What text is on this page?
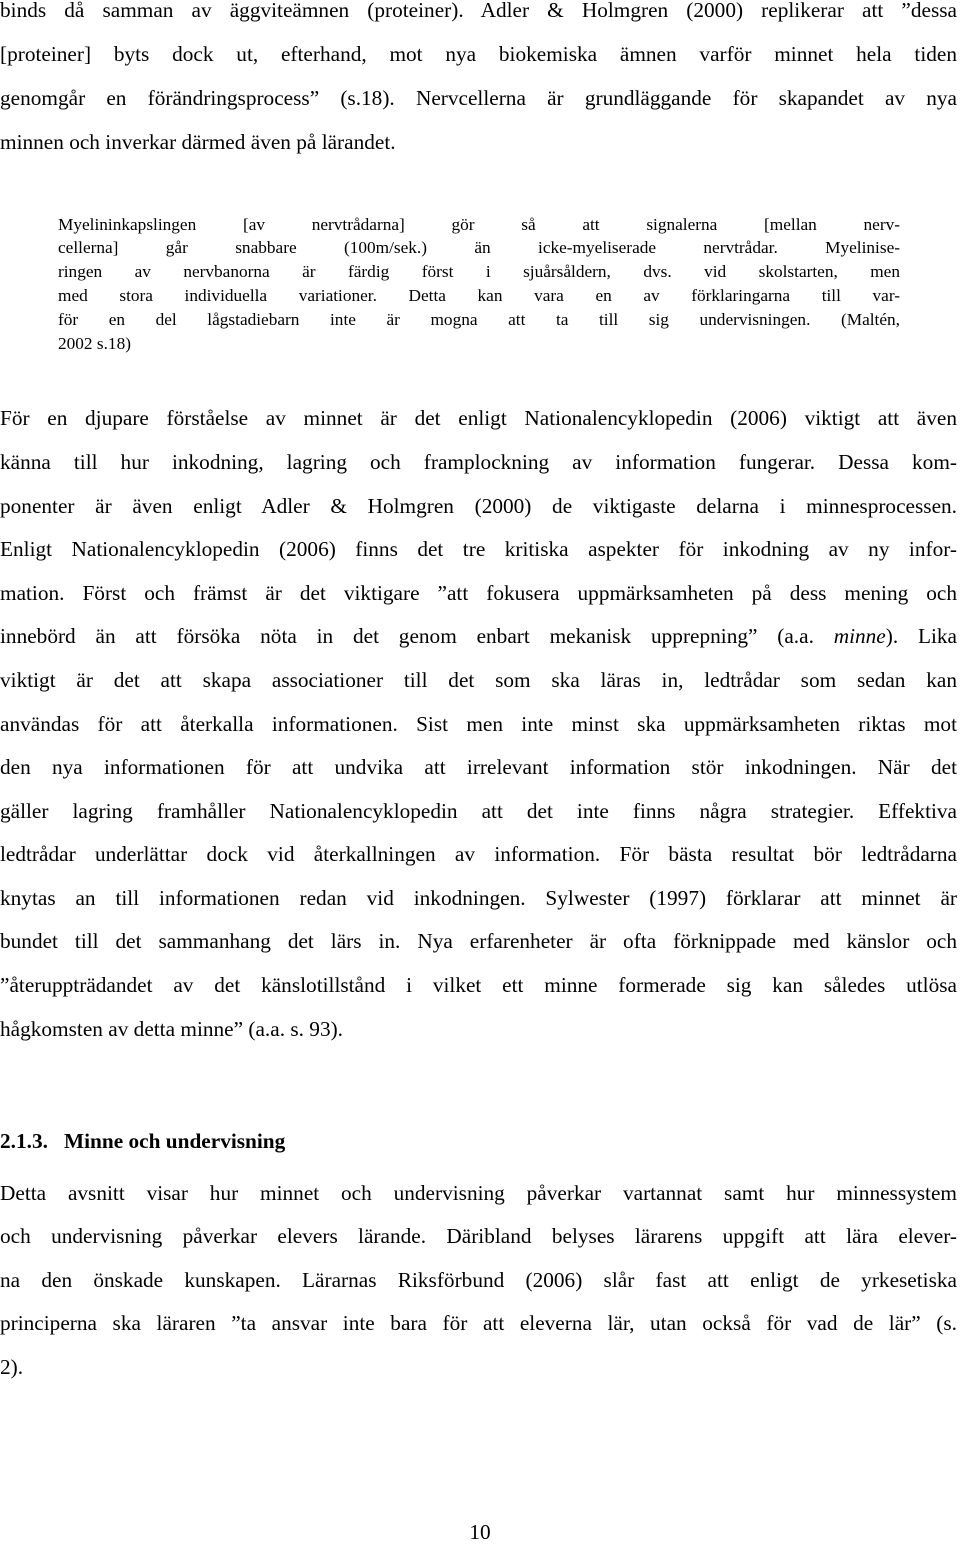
binds då samman av äggviteämnen (proteiner). Adler & Holmgren (2000) replikerar att ”dessa
[proteiner] byts dock ut, efterhand, mot nya biokemiska ämnen varför minnet hela tiden
genomgår en förändringsprocess” (s.18). Nervcellerna är grundläggande för skapandet av nya
minnen och inverkar därmed även på lärandet.
Myelininkapslingen [av nervtrådarna] gör så att signalerna [mellan nerv-
cellerna] går snabbare (100m/sek.) än icke-myeliserade nervtrådar. Myelinise-
ringen av nervbanorna är färdig först i sjuårsåldern, dvs. vid skolstarten, men
med stora individuella variationer. Detta kan vara en av förklaringarna till var-
för en del lågstadiebarn inte är mogna att ta till sig undervisningen. (Maltén,
2002 s.18)
För en djupare förståelse av minnet är det enligt Nationalencyklopedin (2006) viktigt att även
känna till hur inkodning, lagring och framplockning av information fungerar. Dessa kom-
ponenter är även enligt Adler & Holmgren (2000) de viktigaste delarna i minnesprocessen.
Enligt Nationalencyklopedin (2006) finns det tre kritiska aspekter för inkodning av ny infor-
mation. Först och främst är det viktigare ”att fokusera uppmärksamheten på dess mening och
innebörd än att försöka nöta in det genom enbart mekanisk upprepning” (a.a. minne). Lika
viktigt är det att skapa associationer till det som ska läras in, ledtrådar som sedan kan
användas för att återkalla informationen. Sist men inte minst ska uppmärksamheten riktas mot
den nya informationen för att undvika att irrelevant information stör inkodningen. När det
gäller lagring framhåller Nationalencyklopedin att det inte finns några strategier. Effektiva
ledtrådar underlättar dock vid återkallningen av information. För bästa resultat bör ledtrådarna
knytas an till informationen redan vid inkodningen. Sylwester (1997) förklarar att minnet är
bundet till det sammanhang det lärs in. Nya erfarenheter är ofta förknippade med känslor och
”återuppträdandet av det känslotillstånd i vilket ett minne formerade sig kan således utlösa
hågkomsten av detta minne” (a.a. s. 93).
2.1.3. Minne och undervisning
Detta avsnitt visar hur minnet och undervisning påverkar vartannat samt hur minnessystem
och undervisning påverkar elevers lärande. Däribland belyses lärarens uppgift att lära elever-
na den önskade kunskapen. Lärarnas Riksförbund (2006) slår fast att enligt de yrkesetiska
principerna ska läraren ”ta ansvar inte bara för att eleverna lär, utan också för vad de lär” (s.
2).
10
